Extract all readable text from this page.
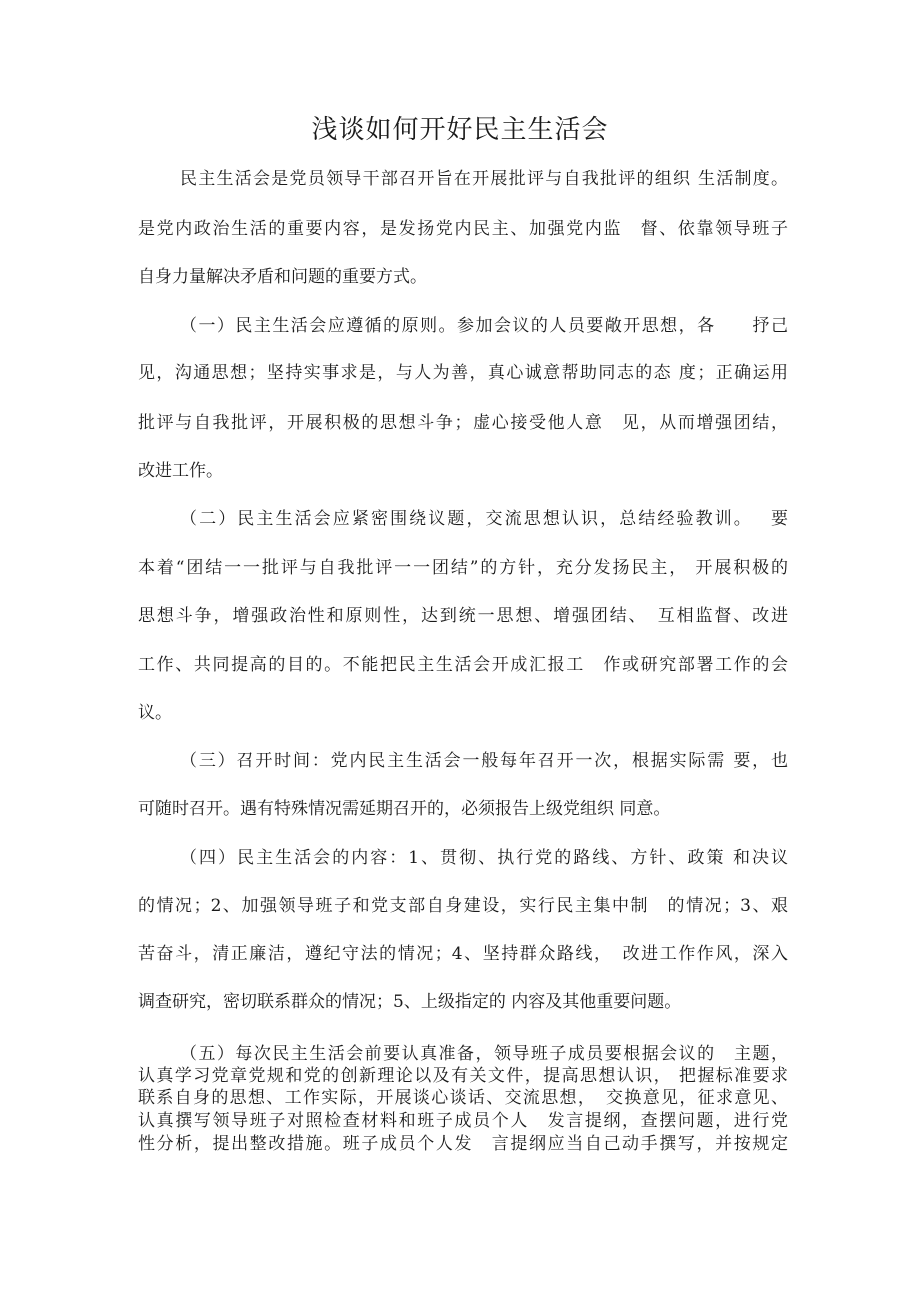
浅谈如何开好民主生活会
民主生活会是党员领导干部召开旨在开展批评与自我批评的组织 生活制度。
是党内政治生活的重要内容，是发扬党内民主、加强党内监　督、依靠领导班子
自身力量解决矛盾和问题的重要方式。
（一）民主生活会应遵循的原则。参加会议的人员要敞开思想，各　　抒己
见，沟通思想；坚持实事求是，与人为善，真心诚意帮助同志的态 度；正确运用
批评与自我批评，开展积极的思想斗争；虚心接受他人意　见，从而增强团结，
改进工作。
（二）民主生活会应紧密围绕议题，交流思想认识，总结经验教训。　 要
本着“团结一一批评与自我批评一一团结”的方针，充分发扬民主， 开展积极的
思想斗争，增强政治性和原则性，达到统一思想、增强团结、　互相监督、改进
工作、共同提高的目的。不能把民主生活会开成汇报工　作或研究部署工作的会
议。
（三）召开时间：党内民主生活会一般每年召开一次，根据实际需 要，也
可随时召开。遇有特殊情况需延期召开的，必须报告上级党组织 同意。
（四）民主生活会的内容：1、贯彻、执行党的路线、方针、政策 和决议
的情况；2、加强领导班子和党支部自身建设，实行民主集中制　的情况；3、艰
苦奋斗，清正廉洁，遵纪守法的情况；4、坚持群众路线，　改进工作作风，深入
调查研究，密切联系群众的情况；5、上级指定的 内容及其他重要问题。
（五）每次民主生活会前要认真准备，领导班子成员要根据会议的　主题，
认真学习党章党规和党的创新理论以及有关文件，提高思想认识， 把握标准要求
联系自身的思想、工作实际，开展谈心谈话、交流思想，　交换意见，征求意见、
认真撰写领导班子对照检查材料和班子成员个人　发言提纲，查摆问题，进行党
性分析，提出整改措施。班子成员个人发　言提纲应当自己动手撰写，并按规定
